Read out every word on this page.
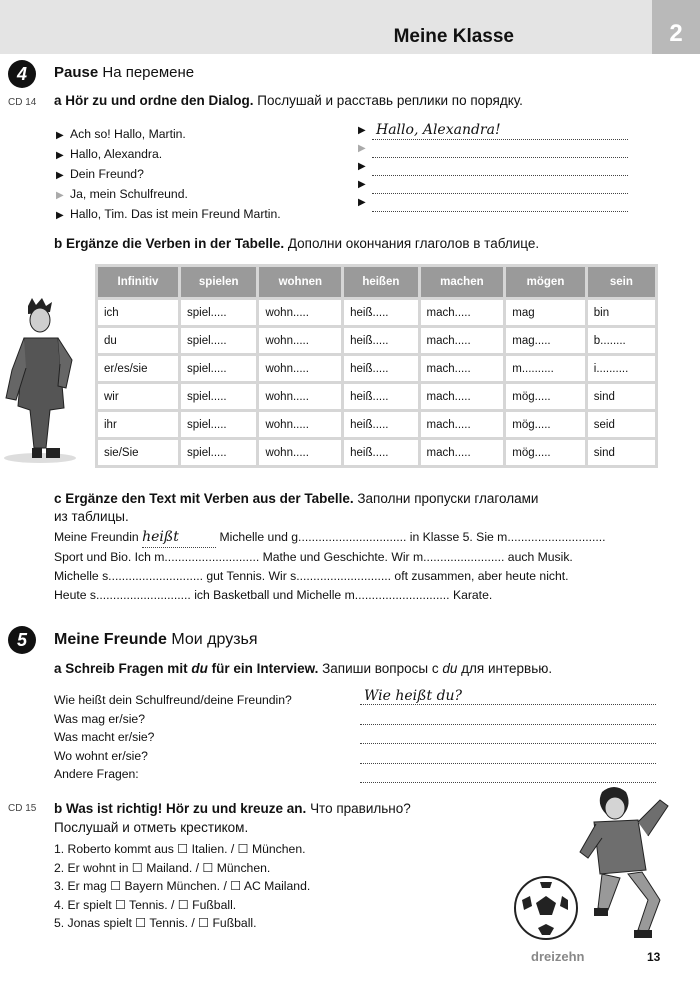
Meine Klasse	2
4	Pause На перемене
CD 14 a Hör zu und ordne den Dialog. Послушай и расставь реплики по порядку.
▶ Ach so! Hallo, Martin.
▶ Hallo, Alexandra.
▶ Dein Freund?
▶ Ja, mein Schulfreund.
▶ Hallo, Tim. Das ist mein Freund Martin.
▶ Hallo, Alexandra!
▶
▶
▶
▶
b Ergänze die Verben in der Tabelle. Дополни окончания глаголов в таблице.
Infinitiv	spielen	wohnen	heißen	machen	mögen	sein
ich	spiel.....	wohn.....	heiß.....	mach.....	mag	bin
du	spiel.....	wohn.....	heiß.....	mach.....	mag.....	b........
er/es/sie	spiel.....	wohn.....	heiß.....	mach.....	m..........	i..........
wir	spiel.....	wohn.....	heiß.....	mach.....	mög.....	sind
ihr	spiel.....	wohn.....	heiß.....	mach.....	mög.....	seid
sie/Sie	spiel.....	wohn.....	heiß.....	mach.....	mög.....	sind
c Ergänze den Text mit Verben aus der Tabelle. Заполни пропуски глаголами
из таблицы.
Meine Freundin heißt	Michelle und g................................ in Klasse 5. Sie m.............................
Sport und Bio. Ich m............................ Mathe und Geschichte. Wir m........................ auch Musik.
Michelle s............................ gut Tennis. Wir s............................ oft zusammen, aber heute nicht.
Heute s............................ ich Basketball und Michelle m............................ Karate.
5	Meine Freunde Мои друзья
a Schreib Fragen mit du für ein Interview. Запиши вопросы с du для интервью.
Wie heißt dein Schulfreund/deine Freundin?
Was mag er/sie?
Was macht er/sie?
Wo wohnt er/sie?
Andere Fragen:
Wie heißt du?
CD 15 b Was ist richtig! Hör zu und kreuze an. Что правильно?
Послушай и отметь крестиком.
1. Roberto kommt aus ☐ Italien. / ☐ München.
2. Er wohnt in ☐ Mailand. / ☐ München.
3. Er mag ☐ Bayern München. / ☐ AC Mailand.
4. Er spielt ☐ Tennis. / ☐ Fußball.
5. Jonas spielt ☐ Tennis. / ☐ Fußball.
dreizehn	13
